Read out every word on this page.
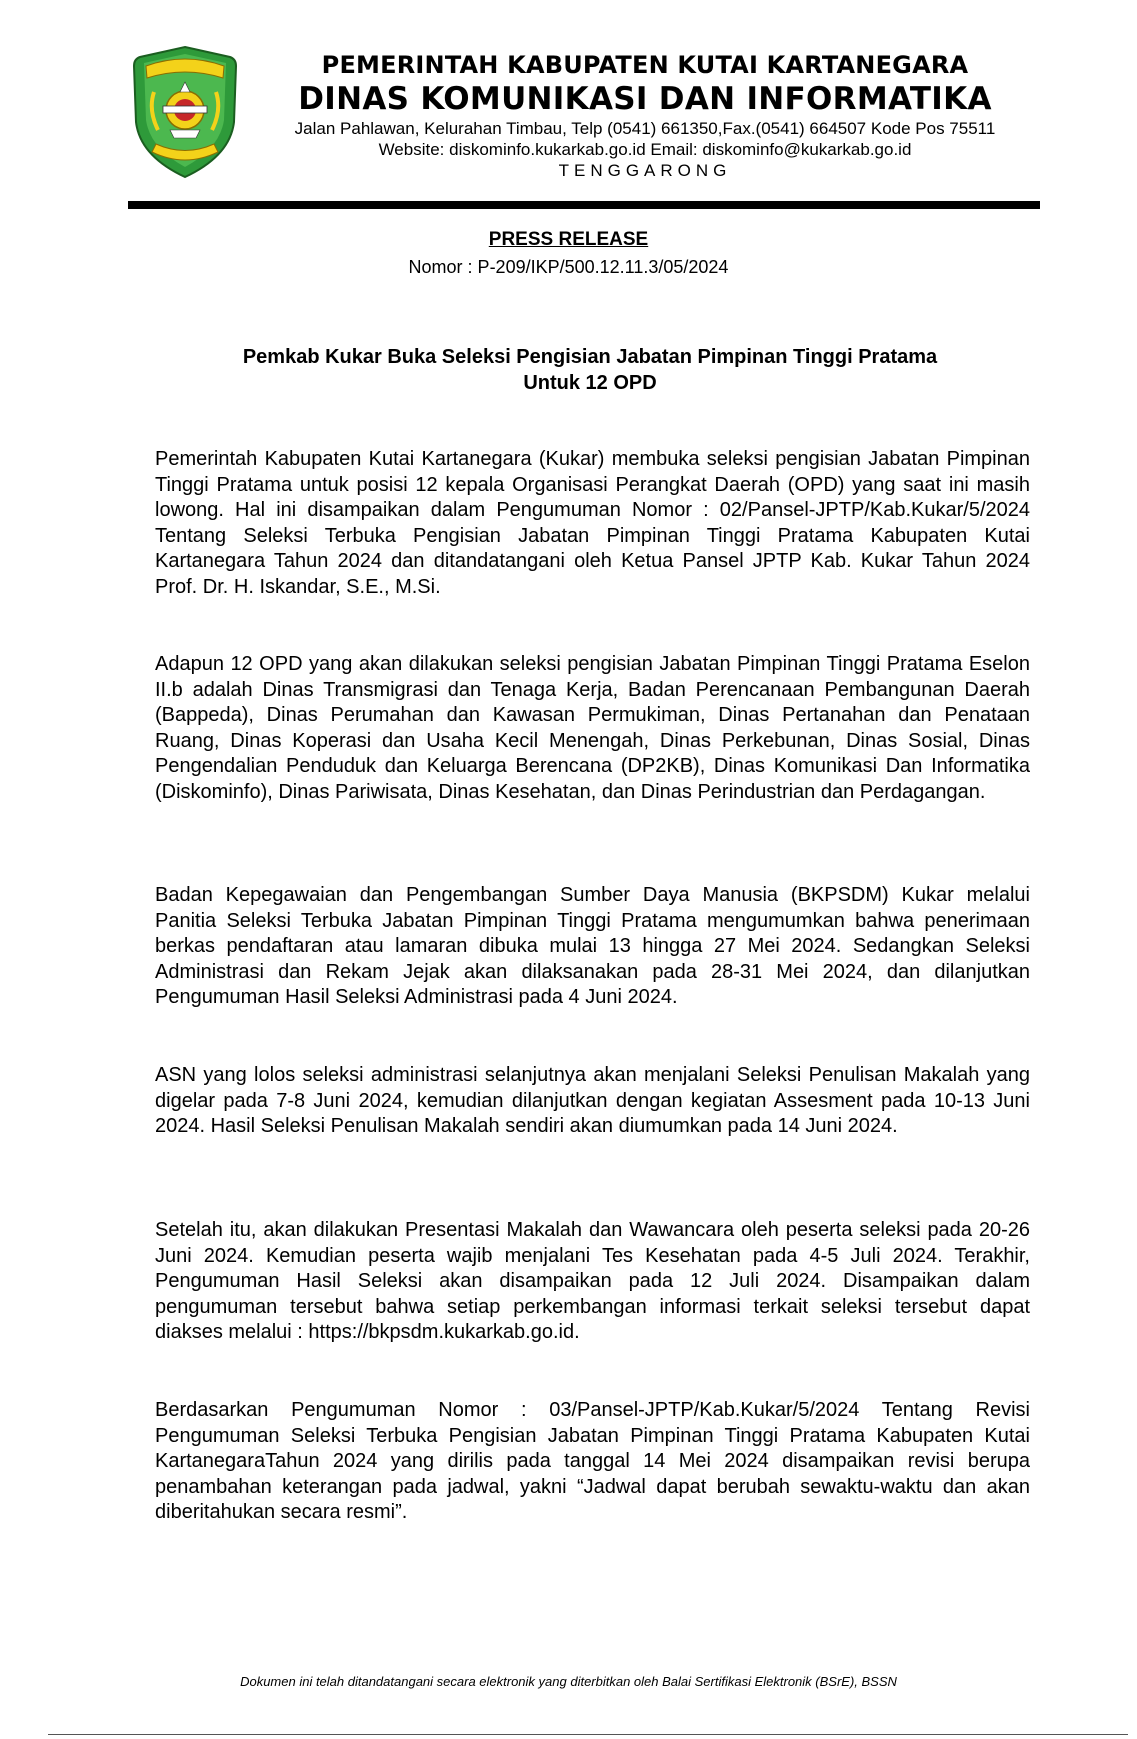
PEMERINTAH KABUPATEN KUTAI KARTANEGARA
DINAS KOMUNIKASI DAN INFORMATIKA
Jalan Pahlawan, Kelurahan Timbau, Telp (0541) 661350,Fax.(0541) 664507 Kode Pos 75511
Website: diskominfo.kukarkab.go.id Email: diskominfo@kukarkab.go.id
TENGGARONG
PRESS RELEASE
Nomor : P-209/IKP/500.12.11.3/05/2024
Pemkab Kukar Buka Seleksi Pengisian Jabatan Pimpinan Tinggi Pratama
Untuk 12 OPD

Pemerintah Kabupaten Kutai Kartanegara (Kukar) membuka seleksi pengisian Jabatan Pimpinan Tinggi Pratama untuk posisi 12 kepala Organisasi Perangkat Daerah (OPD) yang saat ini masih lowong. Hal ini disampaikan dalam Pengumuman Nomor : 02/Pansel-JPTP/Kab.Kukar/5/2024 Tentang Seleksi Terbuka Pengisian Jabatan Pimpinan Tinggi Pratama Kabupaten Kutai Kartanegara Tahun 2024 dan ditandatangani oleh Ketua Pansel JPTP Kab. Kukar Tahun 2024 Prof. Dr. H. Iskandar, S.E., M.Si.

Adapun 12 OPD yang akan dilakukan seleksi pengisian Jabatan Pimpinan Tinggi Pratama Eselon II.b adalah Dinas Transmigrasi dan Tenaga Kerja, Badan Perencanaan Pembangunan Daerah (Bappeda), Dinas Perumahan dan Kawasan Permukiman, Dinas Pertanahan dan Penataan Ruang, Dinas Koperasi dan Usaha Kecil Menengah, Dinas Perkebunan, Dinas Sosial, Dinas Pengendalian Penduduk dan Keluarga Berencana (DP2KB), Dinas Komunikasi Dan Informatika (Diskominfo), Dinas Pariwisata, Dinas Kesehatan, dan Dinas Perindustrian dan Perdagangan.

Badan Kepegawaian dan Pengembangan Sumber Daya Manusia (BKPSDM) Kukar melalui Panitia Seleksi Terbuka Jabatan Pimpinan Tinggi Pratama mengumumkan bahwa penerimaan berkas pendaftaran atau lamaran dibuka mulai 13 hingga 27 Mei 2024. Sedangkan Seleksi Administrasi dan Rekam Jejak akan dilaksanakan pada 28-31 Mei 2024, dan dilanjutkan Pengumuman Hasil Seleksi Administrasi pada 4 Juni 2024.

ASN yang lolos seleksi administrasi selanjutnya akan menjalani Seleksi Penulisan Makalah yang digelar pada 7-8 Juni 2024, kemudian dilanjutkan dengan kegiatan Assesment pada 10-13 Juni 2024. Hasil Seleksi Penulisan Makalah sendiri akan diumumkan pada 14 Juni 2024.

Setelah itu, akan dilakukan Presentasi Makalah dan Wawancara oleh peserta seleksi pada 20-26 Juni 2024. Kemudian peserta wajib menjalani Tes Kesehatan pada 4-5 Juli 2024. Terakhir, Pengumuman Hasil Seleksi akan disampaikan pada 12 Juli 2024. Disampaikan dalam pengumuman tersebut bahwa setiap perkembangan informasi terkait seleksi tersebut dapat diakses melalui : https://bkpsdm.kukarkab.go.id.

Berdasarkan Pengumuman Nomor : 03/Pansel-JPTP/Kab.Kukar/5/2024 Tentang Revisi Pengumuman Seleksi Terbuka Pengisian Jabatan Pimpinan Tinggi Pratama Kabupaten Kutai KartanegaraTahun 2024 yang dirilis pada tanggal 14 Mei 2024 disampaikan revisi berupa penambahan keterangan pada jadwal, yakni “Jadwal dapat berubah sewaktu-waktu dan akan diberitahukan secara resmi”.

Dokumen ini telah ditandatangani secara elektronik yang diterbitkan oleh Balai Sertifikasi Elektronik (BSrE), BSSN
